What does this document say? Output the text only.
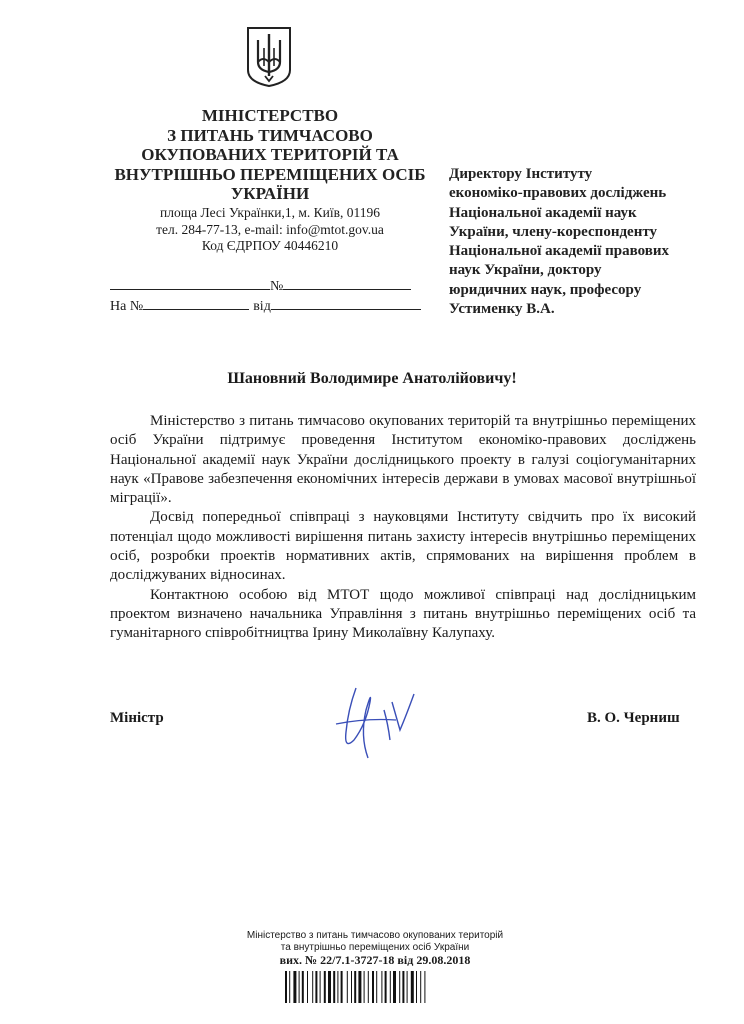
МІНІСТЕРСТВО
З ПИТАНЬ ТИМЧАСОВО
ОКУПОВАНИХ ТЕРИТОРІЙ ТА
ВНУТРІШНЬО ПЕРЕМІЩЕНИХ ОСІБ
УКРАЇНИ
площа Лесі Українки,1, м. Київ, 01196
тел. 284-77-13, e-mail: info@mtot.gov.ua
Код ЄДРПОУ 40446210
№
На №	від
Директору Інституту
економіко-правових досліджень
Національної академії наук
України, члену-кореспонденту
Національної академії правових
наук України, доктору
юридичних наук, професору
Устименку В.А.
Шановний Володимире Анатолійовичу!

Міністерство з питань тимчасово окупованих територій та внутрішньо переміщених осіб України підтримує проведення Інститутом економіко-правових досліджень Національної академії наук України дослідницького проекту в галузі соціогуманітарних наук «Правове забезпечення економічних інтересів держави в умовах масової внутрішньої міграції».

Досвід попередньої співпраці з науковцями Інституту свідчить про їх високий потенціал щодо можливості вирішення питань захисту інтересів внутрішньо переміщених осіб, розробки проектів нормативних актів, спрямованих на вирішення проблем в досліджуваних відносинах.

Контактною особою від МТОТ щодо можливої співпраці над дослідницьким проектом визначено начальника Управління з питань внутрішньо переміщених осіб та гуманітарного співробітництва Ірину Миколаївну Калупаху.

Міністр	В. О. Черниш
Міністерство з питань тимчасово окупованих територій
та внутрішньо переміщених осіб України
вих. № 22/7.1-3727-18 від 29.08.2018
